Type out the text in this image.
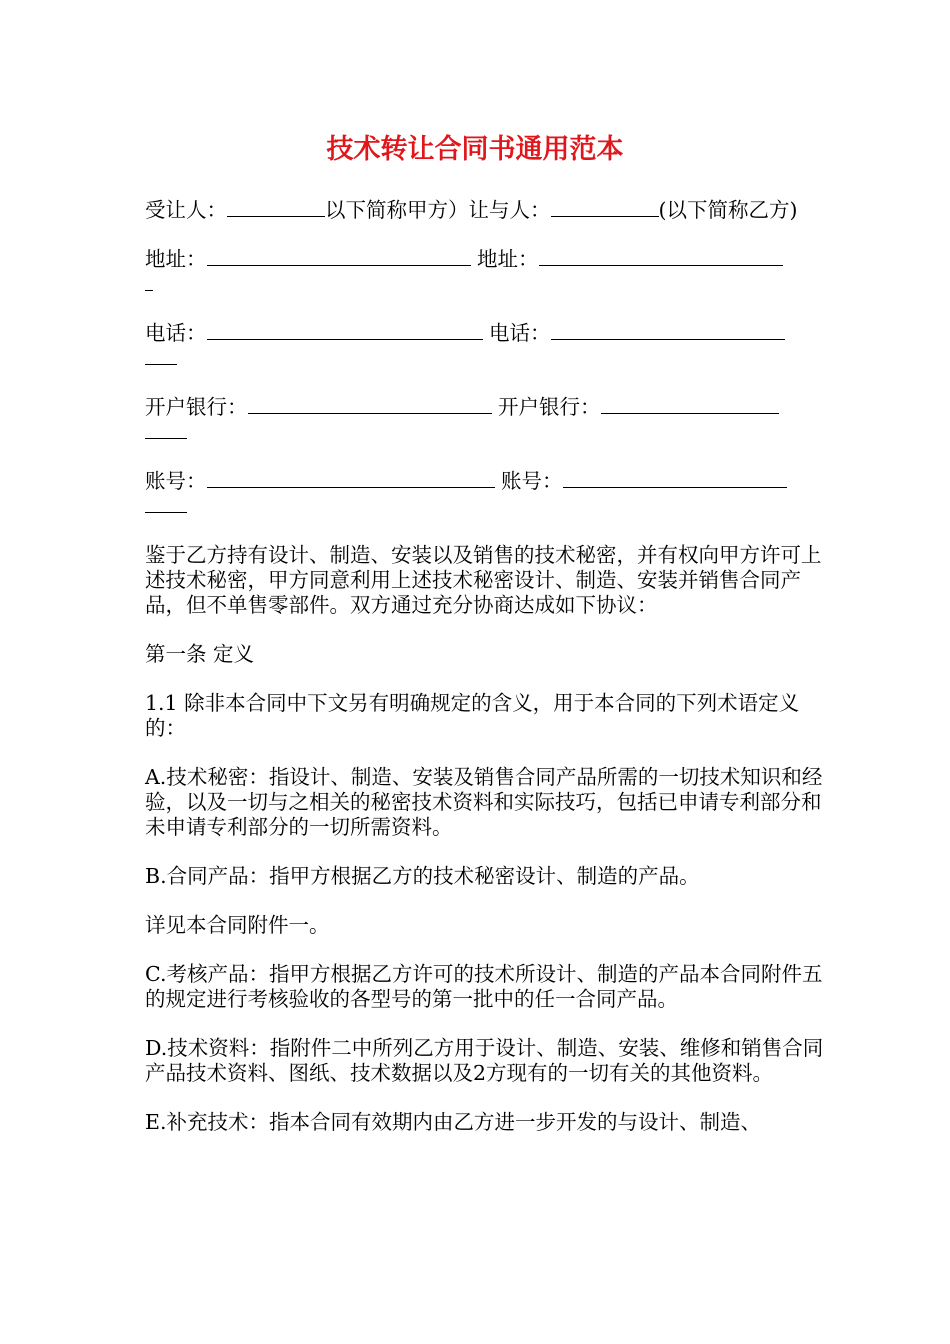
技术转让合同书通用范本
受让人：	以下简称甲方）让与人：	(以下简称乙方)
地址：	地址：
电话：	电话：
开户银行：	开户银行：
账号：	账号：

鉴于乙方持有设计、制造、安装以及销售的技术秘密，并有权向甲方许可上述技术秘密，甲方同意利用上述技术秘密设计、制造、安装并销售合同产品，但不单售零部件。双方通过充分协商达成如下协议：

第一条 定义

1.1 除非本合同中下文另有明确规定的含义，用于本合同的下列术语定义的：

A.技术秘密：指设计、制造、安装及销售合同产品所需的一切技术知识和经验，以及一切与之相关的秘密技术资料和实际技巧，包括已申请专利部分和未申请专利部分的一切所需资料。

B.合同产品：指甲方根据乙方的技术秘密设计、制造的产品。

详见本合同附件一。

C.考核产品：指甲方根据乙方许可的技术所设计、制造的产品本合同附件五的规定进行考核验收的各型号的第一批中的任一合同产品。

D.技术资料：指附件二中所列乙方用于设计、制造、安装、维修和销售合同产品技术资料、图纸、技术数据以及2方现有的一切有关的其他资料。

E.补充技术：指本合同有效期内由乙方进一步开发的与设计、制造、
